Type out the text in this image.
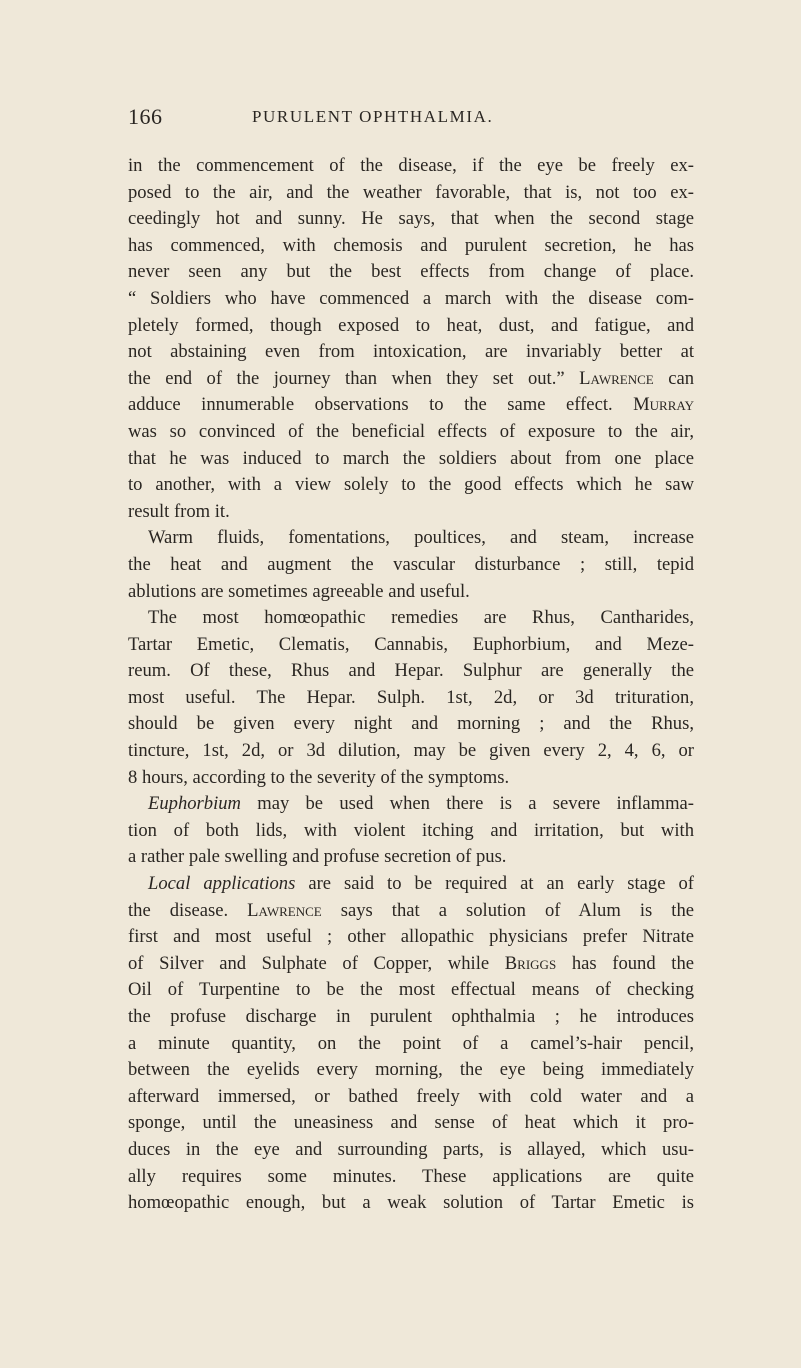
166	PURULENT OPHTHALMIA.
in the commencement of the disease, if the eye be freely ex-
posed to the air, and the weather favorable, that is, not too ex-
ceedingly hot and sunny. He says, that when the second stage
has commenced, with chemosis and purulent secretion, he has
never seen any but the best effects from change of place.
“ Soldiers who have commenced a march with the disease com-
pletely formed, though exposed to heat, dust, and fatigue, and
not abstaining even from intoxication, are invariably better at
the end of the journey than when they set out.” Lawrence can
adduce innumerable observations to the same effect. Murray
was so convinced of the beneficial effects of exposure to the air,
that he was induced to march the soldiers about from one place
to another, with a view solely to the good effects which he saw
result from it.
Warm fluids, fomentations, poultices, and steam, increase
the heat and augment the vascular disturbance ; still, tepid
ablutions are sometimes agreeable and useful.
The most homœopathic remedies are Rhus, Cantharides,
Tartar Emetic, Clematis, Cannabis, Euphorbium, and Meze-
reum. Of these, Rhus and Hepar. Sulphur are generally the
most useful. The Hepar. Sulph. 1st, 2d, or 3d trituration,
should be given every night and morning ; and the Rhus,
tincture, 1st, 2d, or 3d dilution, may be given every 2, 4, 6, or
8 hours, according to the severity of the symptoms.
Euphorbium may be used when there is a severe inflamma-
tion of both lids, with violent itching and irritation, but with
a rather pale swelling and profuse secretion of pus.
Local applications are said to be required at an early stage of
the disease. Lawrence says that a solution of Alum is the
first and most useful ; other allopathic physicians prefer Nitrate
of Silver and Sulphate of Copper, while Briggs has found the
Oil of Turpentine to be the most effectual means of checking
the profuse discharge in purulent ophthalmia ; he introduces
a minute quantity, on the point of a camel’s-hair pencil,
between the eyelids every morning, the eye being immediately
afterward immersed, or bathed freely with cold water and a
sponge, until the uneasiness and sense of heat which it pro-
duces in the eye and surrounding parts, is allayed, which usu-
ally requires some minutes. These applications are quite
homœopathic enough, but a weak solution of Tartar Emetic is
